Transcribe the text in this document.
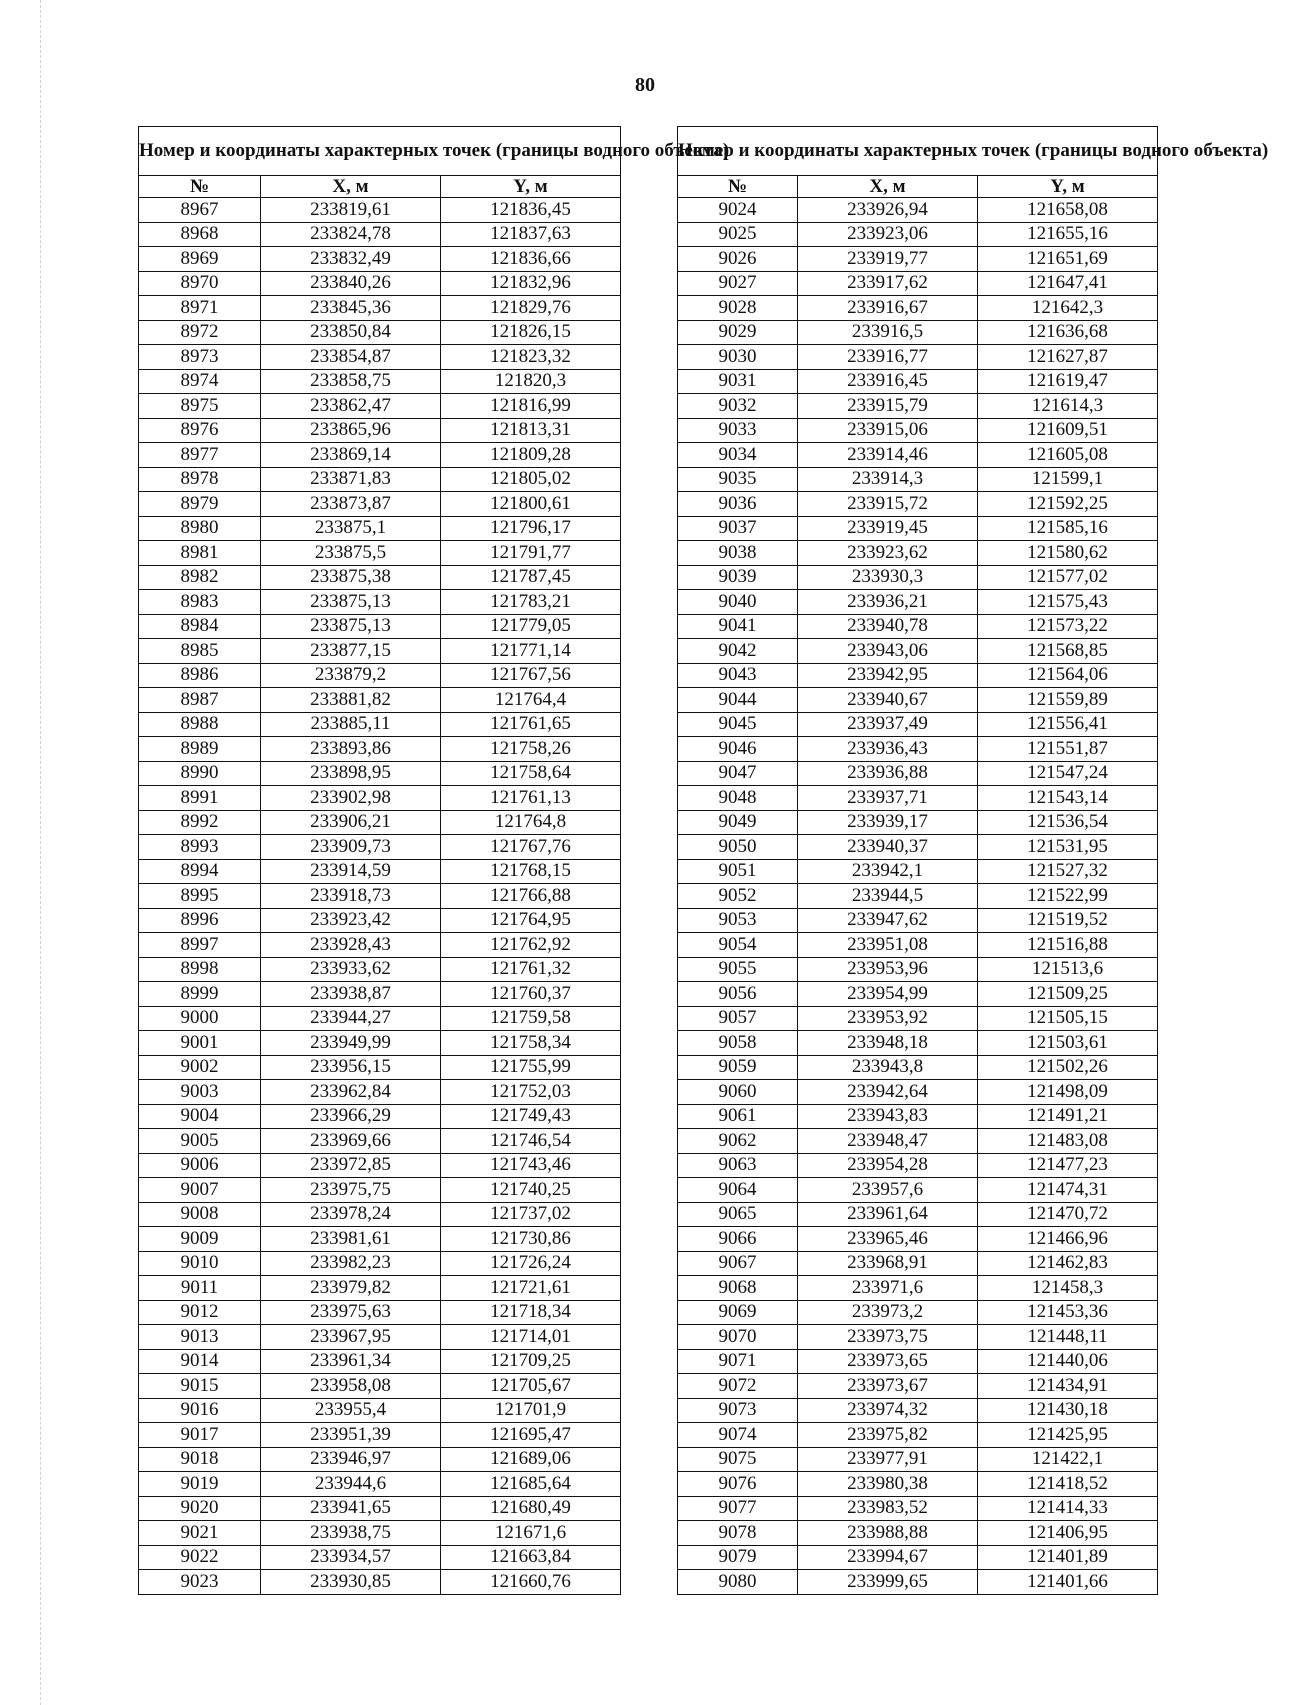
80
Номер и координаты характерных точек (границы водного объекта)		
№	X, м	Y, м
8967	233819,61	121836,45
8968	233824,78	121837,63
8969	233832,49	121836,66
8970	233840,26	121832,96
8971	233845,36	121829,76
8972	233850,84	121826,15
8973	233854,87	121823,32
8974	233858,75	121820,3
8975	233862,47	121816,99
8976	233865,96	121813,31
8977	233869,14	121809,28
8978	233871,83	121805,02
8979	233873,87	121800,61
8980	233875,1	121796,17
8981	233875,5	121791,77
8982	233875,38	121787,45
8983	233875,13	121783,21
8984	233875,13	121779,05
8985	233877,15	121771,14
8986	233879,2	121767,56
8987	233881,82	121764,4
8988	233885,11	121761,65
8989	233893,86	121758,26
8990	233898,95	121758,64
8991	233902,98	121761,13
8992	233906,21	121764,8
8993	233909,73	121767,76
8994	233914,59	121768,15
8995	233918,73	121766,88
8996	233923,42	121764,95
8997	233928,43	121762,92
8998	233933,62	121761,32
8999	233938,87	121760,37
9000	233944,27	121759,58
9001	233949,99	121758,34
9002	233956,15	121755,99
9003	233962,84	121752,03
9004	233966,29	121749,43
9005	233969,66	121746,54
9006	233972,85	121743,46
9007	233975,75	121740,25
9008	233978,24	121737,02
9009	233981,61	121730,86
9010	233982,23	121726,24
9011	233979,82	121721,61
9012	233975,63	121718,34
9013	233967,95	121714,01
9014	233961,34	121709,25
9015	233958,08	121705,67
9016	233955,4	121701,9
9017	233951,39	121695,47
9018	233946,97	121689,06
9019	233944,6	121685,64
9020	233941,65	121680,49
9021	233938,75	121671,6
9022	233934,57	121663,84
9023	233930,85	121660,76
Номер и координаты характерных точек (границы водного объекта)		
№	X, м	Y, м
9024	233926,94	121658,08
9025	233923,06	121655,16
9026	233919,77	121651,69
9027	233917,62	121647,41
9028	233916,67	121642,3
9029	233916,5	121636,68
9030	233916,77	121627,87
9031	233916,45	121619,47
9032	233915,79	121614,3
9033	233915,06	121609,51
9034	233914,46	121605,08
9035	233914,3	121599,1
9036	233915,72	121592,25
9037	233919,45	121585,16
9038	233923,62	121580,62
9039	233930,3	121577,02
9040	233936,21	121575,43
9041	233940,78	121573,22
9042	233943,06	121568,85
9043	233942,95	121564,06
9044	233940,67	121559,89
9045	233937,49	121556,41
9046	233936,43	121551,87
9047	233936,88	121547,24
9048	233937,71	121543,14
9049	233939,17	121536,54
9050	233940,37	121531,95
9051	233942,1	121527,32
9052	233944,5	121522,99
9053	233947,62	121519,52
9054	233951,08	121516,88
9055	233953,96	121513,6
9056	233954,99	121509,25
9057	233953,92	121505,15
9058	233948,18	121503,61
9059	233943,8	121502,26
9060	233942,64	121498,09
9061	233943,83	121491,21
9062	233948,47	121483,08
9063	233954,28	121477,23
9064	233957,6	121474,31
9065	233961,64	121470,72
9066	233965,46	121466,96
9067	233968,91	121462,83
9068	233971,6	121458,3
9069	233973,2	121453,36
9070	233973,75	121448,11
9071	233973,65	121440,06
9072	233973,67	121434,91
9073	233974,32	121430,18
9074	233975,82	121425,95
9075	233977,91	121422,1
9076	233980,38	121418,52
9077	233983,52	121414,33
9078	233988,88	121406,95
9079	233994,67	121401,89
9080	233999,65	121401,66
